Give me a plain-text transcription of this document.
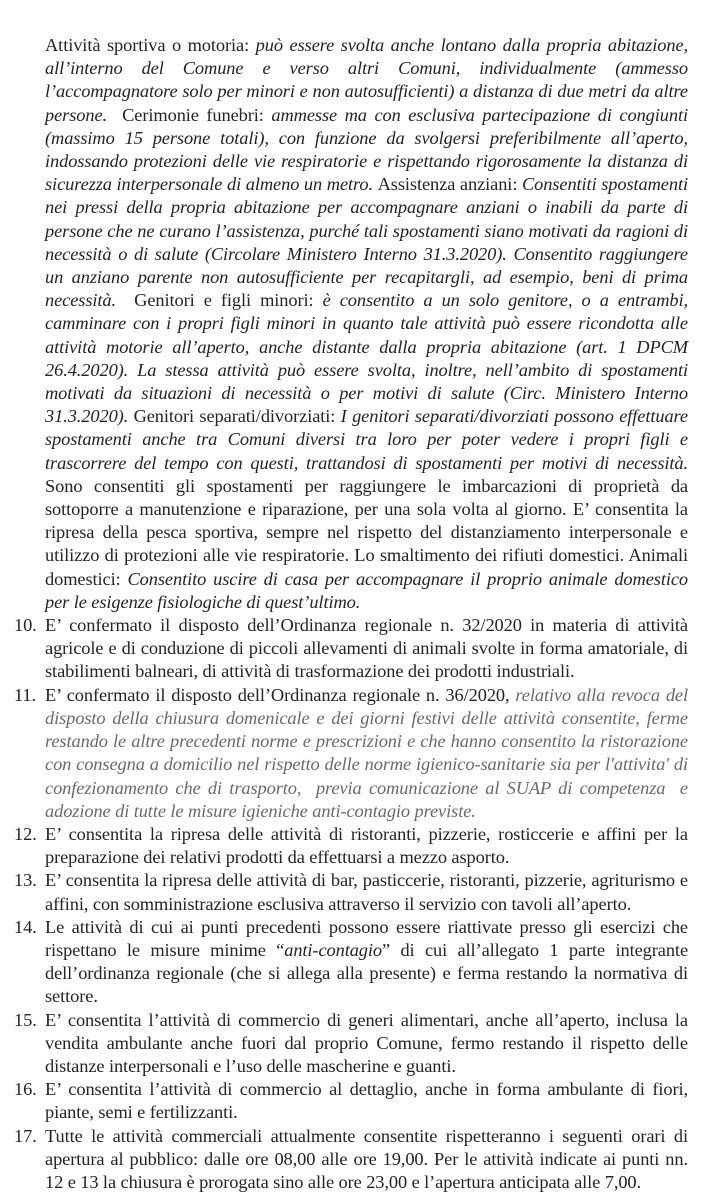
Attività sportiva o motoria: può essere svolta anche lontano dalla propria abitazione, all’interno del Comune e verso altri Comuni, individualmente (ammesso l’accompagnatore solo per minori e non autosufficienti) a distanza di due metri da altre persone.  Cerimonie funebri: ammesse ma con esclusiva partecipazione di congiunti (massimo 15 persone totali), con funzione da svolgersi preferibilmente all’aperto, indossando protezioni delle vie respiratorie e rispettando rigorosamente la distanza di sicurezza interpersonale di almeno un metro. Assistenza anziani: Consentiti spostamenti nei pressi della propria abitazione per accompagnare anziani o inabili da parte di persone che ne curano l’assistenza, purché tali spostamenti siano motivati da ragioni di necessità o di salute (Circolare Ministero Interno 31.3.2020). Consentito raggiungere un anziano parente non autosufficiente per recapitargli, ad esempio, beni di prima necessità.  Genitori e figli minori: è consentito a un solo genitore, o a entrambi, camminare con i propri figli minori in quanto tale attività può essere ricondotta alle attività motorie all’aperto, anche distante dalla propria abitazione (art. 1 DPCM 26.4.2020). La stessa attività può essere svolta, inoltre, nell’ambito di spostamenti motivati da situazioni di necessità o per motivi di salute (Circ. Ministero Interno 31.3.2020). Genitori separati/divorziati: I genitori separati/divorziati possono effettuare spostamenti anche tra Comuni diversi tra loro per poter vedere i propri figli e trascorrere del tempo con questi, trattandosi di spostamenti per motivi di necessità. Sono consentiti gli spostamenti per raggiungere le imbarcazioni di proprietà da sottoporre a manutenzione e riparazione, per una sola volta al giorno. E’ consentita la ripresa della pesca sportiva, sempre nel rispetto del distanziamento interpersonale e utilizzo di protezioni alle vie respiratorie. Lo smaltimento dei rifiuti domestici. Animali domestici: Consentito uscire di casa per accompagnare il proprio animale domestico per le esigenze fisiologiche di quest’ultimo.
10. E’ confermato il disposto dell’Ordinanza regionale n. 32/2020 in materia di attività agricole e di conduzione di piccoli allevamenti di animali svolte in forma amatoriale, di stabilimenti balneari, di attività di trasformazione dei prodotti industriali.
11. E’ confermato il disposto dell’Ordinanza regionale n. 36/2020, relativo alla revoca del disposto della chiusura domenicale e dei giorni festivi delle attività consentite, ferme restando le altre precedenti norme e prescrizioni e che hanno consentito la ristorazione con consegna a domicilio nel rispetto delle norme igienico-sanitarie sia per l'attivita' di confezionamento che di trasporto,  previa comunicazione al SUAP di competenza  e adozione di tutte le misure igieniche anti-contagio previste.
12. E’ consentita la ripresa delle attività di ristoranti, pizzerie, rosticcerie e affini per la preparazione dei relativi prodotti da effettuarsi a mezzo asporto.
13. E’ consentita la ripresa delle attività di bar, pasticcerie, ristoranti, pizzerie, agriturismo e affini, con somministrazione esclusiva attraverso il servizio con tavoli all’aperto.
14. Le attività di cui ai punti precedenti possono essere riattivate presso gli esercizi che rispettano le misure minime “anti-contagio” di cui all’allegato 1 parte integrante dell’ordinanza regionale (che si allega alla presente) e ferma restando la normativa di settore.
15. E’ consentita l’attività di commercio di generi alimentari, anche all’aperto, inclusa la vendita ambulante anche fuori dal proprio Comune, fermo restando il rispetto delle distanze interpersonali e l’uso delle mascherine e guanti.
16. E’ consentita l’attività di commercio al dettaglio, anche in forma ambulante di fiori, piante, semi e fertilizzanti.
17. Tutte le attività commerciali attualmente consentite rispetteranno i seguenti orari di apertura al pubblico: dalle ore 08,00 alle ore 19,00. Per le attività indicate ai punti nn. 12 e 13 la chiusura è prorogata sino alle ore 23,00 e l’apertura anticipata alle 7,00.
